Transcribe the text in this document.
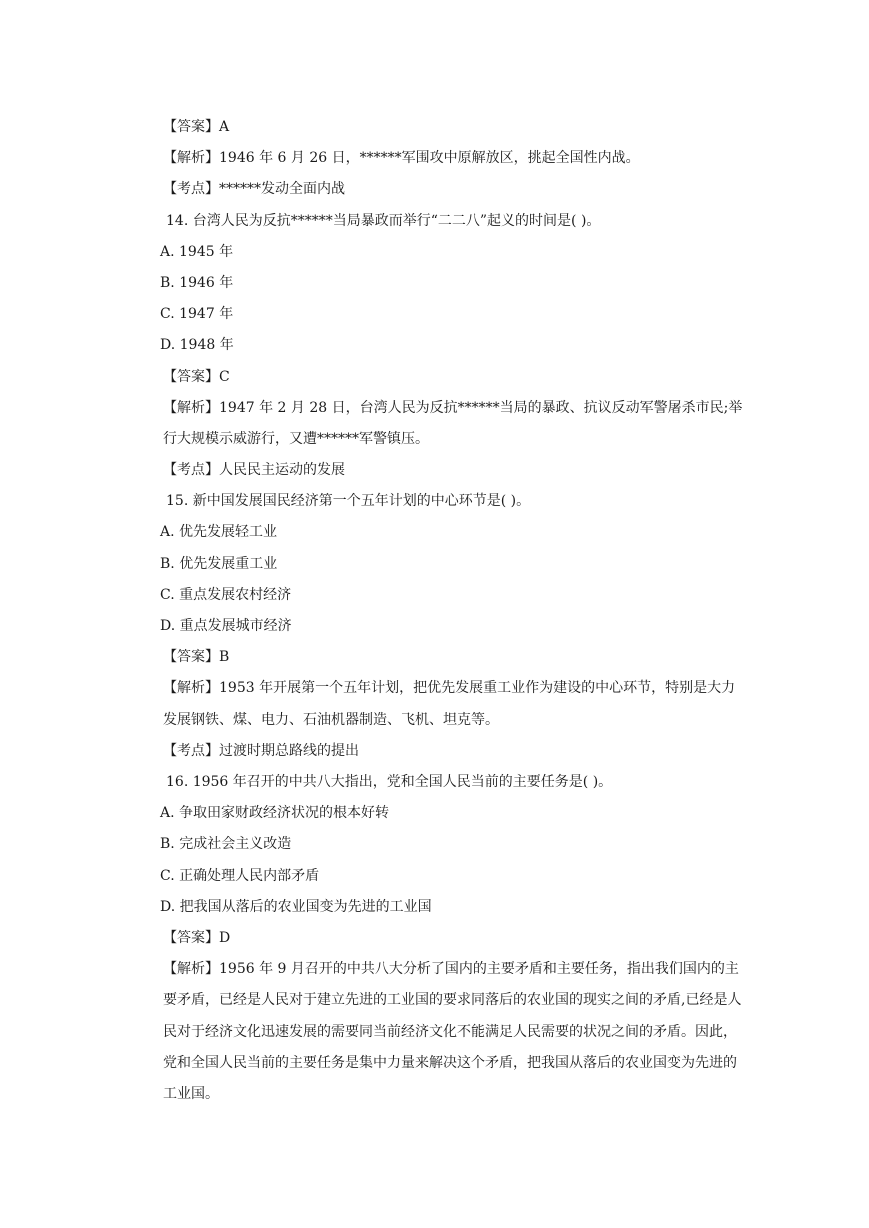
【答案】A

【解析】1946 年 6 月 26 日，******军围攻中原解放区，挑起全国性内战。

【考点】******发动全面内战

14. 台湾人民为反抗******当局暴政而举行“二二八”起义的时间是( )。

A. 1945 年

B. 1946 年

C. 1947 年

D. 1948 年

【答案】C

【解析】1947 年 2 月 28 日，台湾人民为反抗******当局的暴政、抗议反动军警屠杀市民;举行大规模示威游行，又遭******军警镇压。

【考点】人民民主运动的发展

15. 新中国发展国民经济第一个五年计划的中心环节是( )。

A. 优先发展轻工业

B. 优先发展重工业

C. 重点发展农村经济

D. 重点发展城市经济

【答案】B

【解析】1953 年开展第一个五年计划，把优先发展重工业作为建设的中心环节，特别是大力发展钢铁、煤、电力、石油机器制造、飞机、坦克等。

【考点】过渡时期总路线的提出

16. 1956 年召开的中共八大指出，党和全国人民当前的主要任务是( )。

A. 争取田家财政经济状况的根本好转

B. 完成社会主义改造

C. 正确处理人民内部矛盾

D. 把我国从落后的农业国变为先进的工业国

【答案】D

【解析】1956 年 9 月召开的中共八大分析了国内的主要矛盾和主要任务，指出我们国内的主要矛盾，已经是人民对于建立先进的工业国的要求同落后的农业国的现实之间的矛盾,已经是人民对于经济文化迅速发展的需要同当前经济文化不能满足人民需要的状况之间的矛盾。因此，党和全国人民当前的主要任务是集中力量来解决这个矛盾，把我国从落后的农业国变为先进的工业国。
